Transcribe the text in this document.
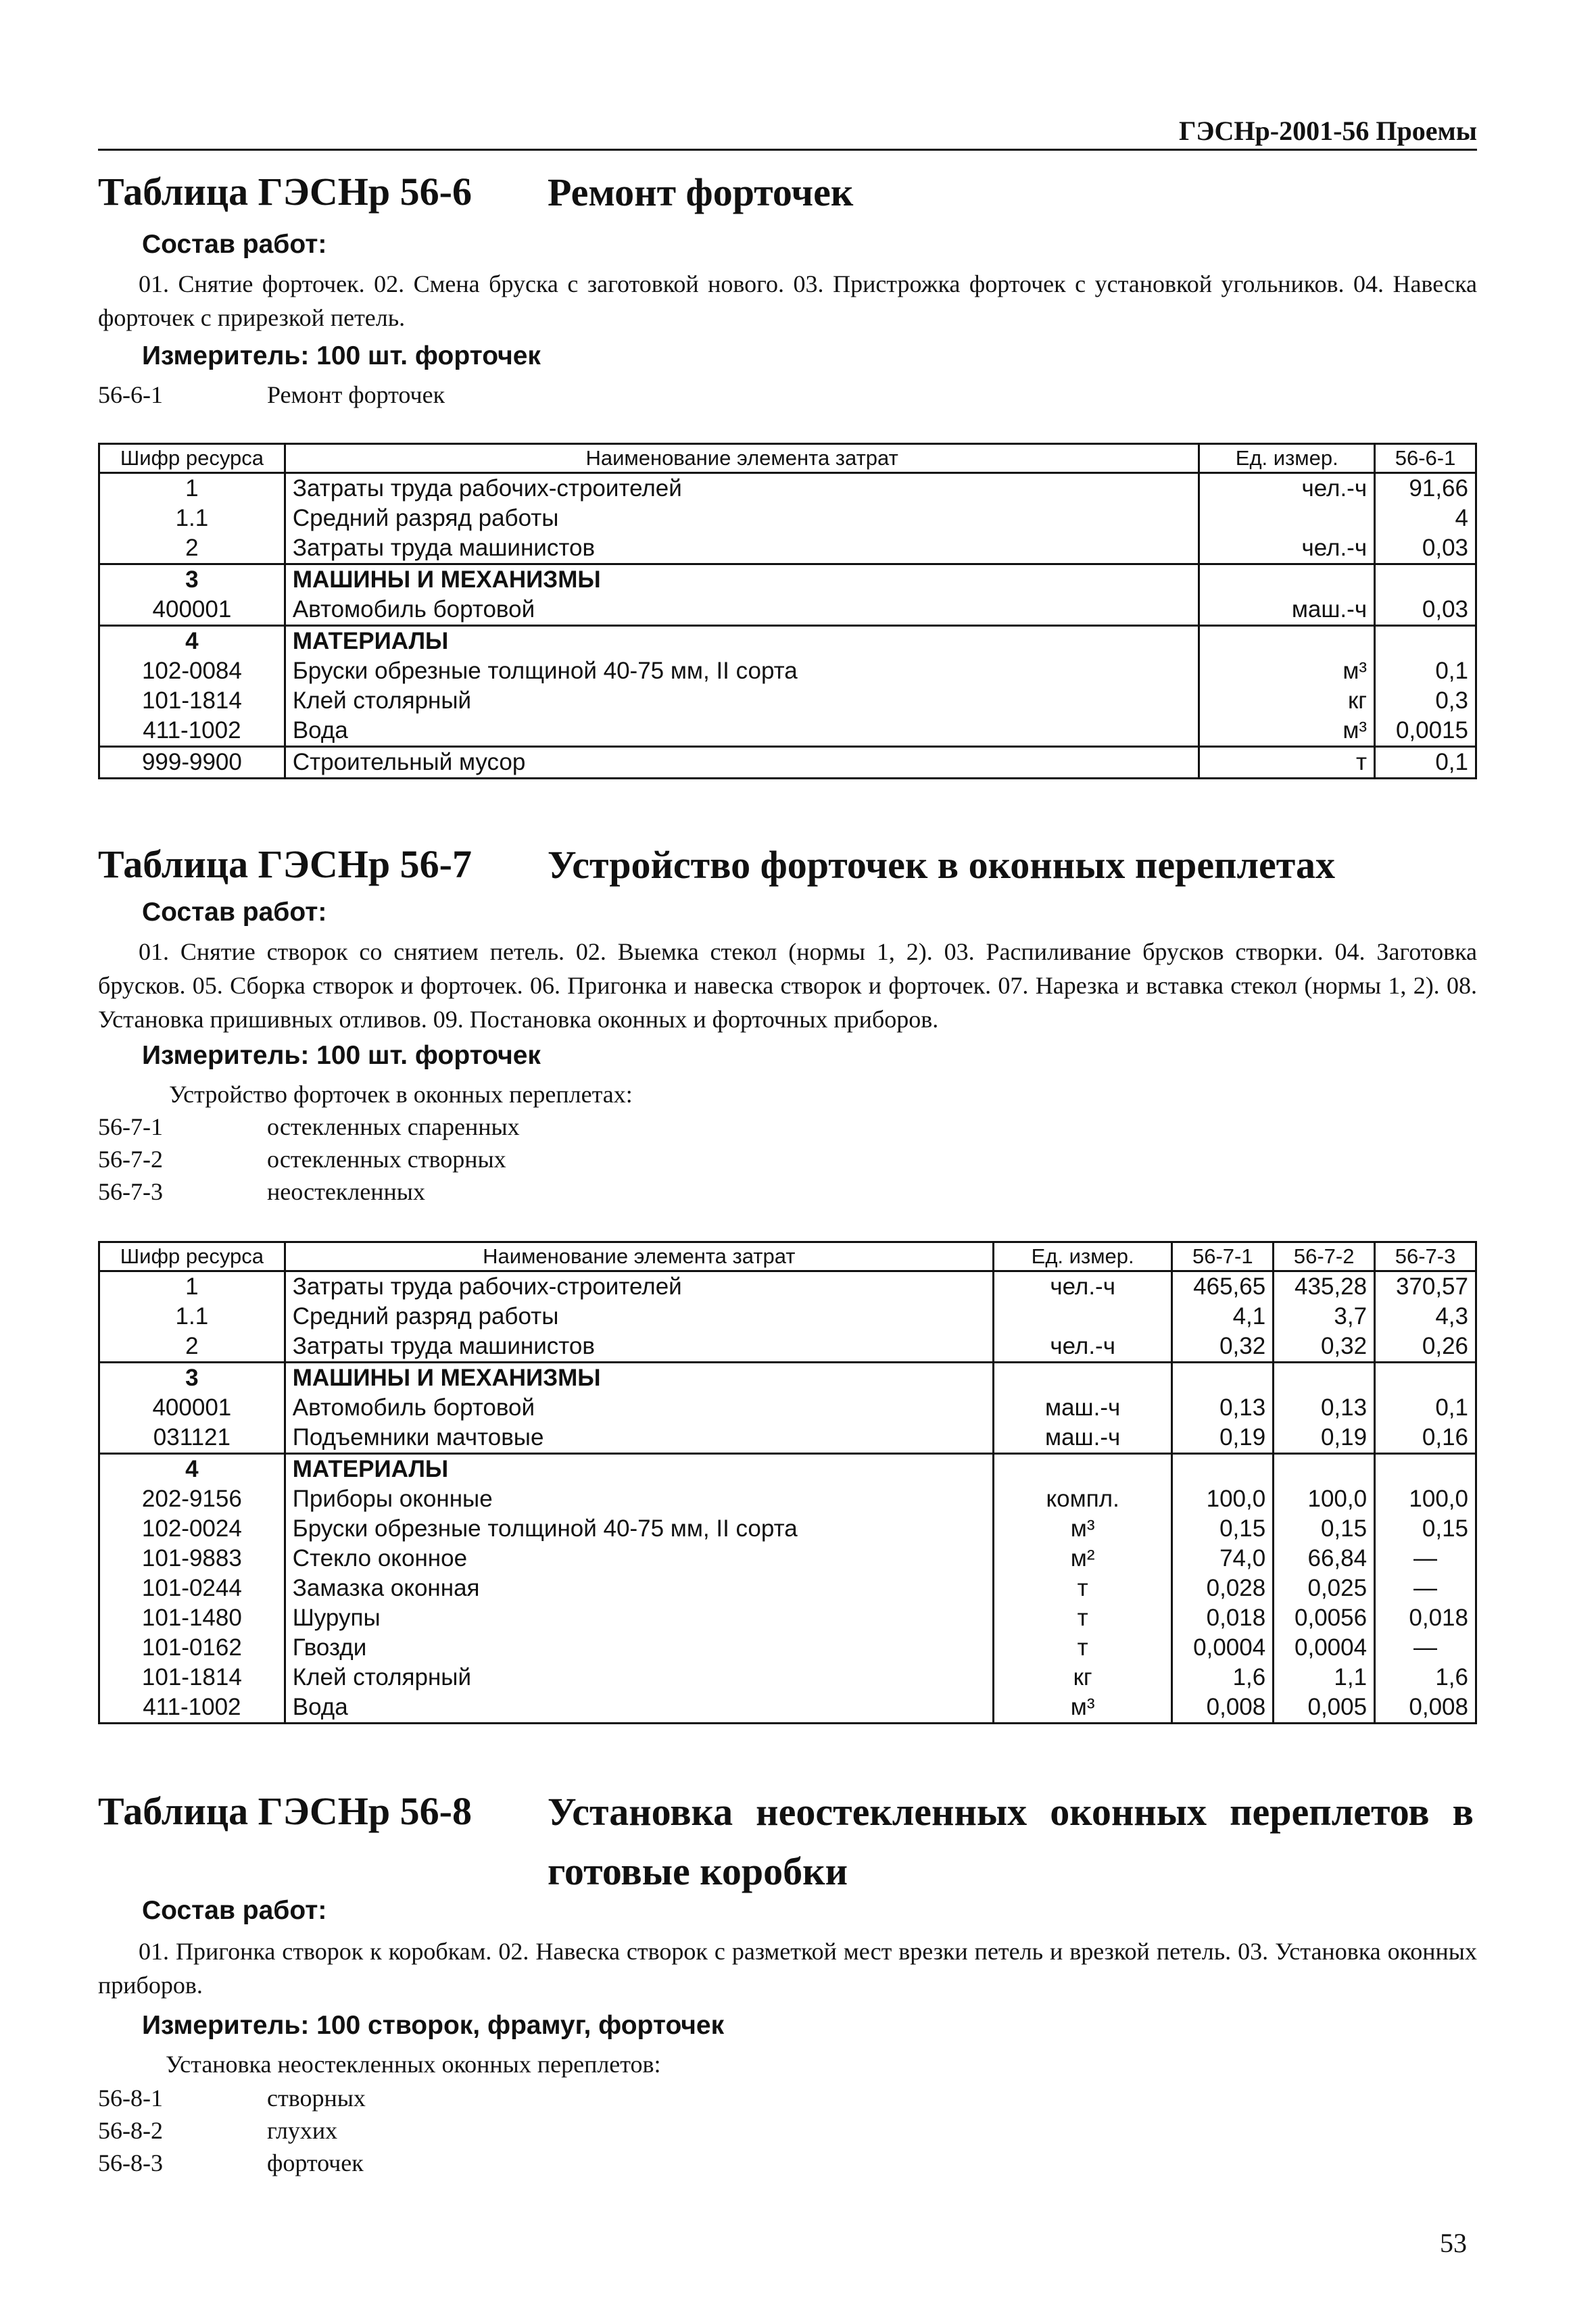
ГЭСНр-2001-56 Проемы
Таблица ГЭСНр 56-6 Ремонт форточек
Состав работ:
01. Снятие форточек. 02. Смена бруска с заготовкой нового. 03. Пристрожка форточек с установкой угольников. 04. Навеска форточек с прирезкой петель.
Измеритель: 100 шт. форточек
56-6-1	Ремонт форточек
Шифр ресурса	Наименование элемента затрат	Ед. измер.	56-6-1
1	Затраты труда рабочих-строителей	чел.-ч	91,66
1.1	Средний разряд работы		4
2	Затраты труда машинистов	чел.-ч	0,03
3	МАШИНЫ И МЕХАНИЗМЫ		
400001	Автомобиль бортовой	маш.-ч	0,03
4	МАТЕРИАЛЫ		
102-0084	Бруски обрезные толщиной 40-75 мм, II сорта	м³	0,1
101-1814	Клей столярный	кг	0,3
411-1002	Вода	м³	0,0015
999-9900	Строительный мусор	т	0,1
Таблица ГЭСНр 56-7 Устройство форточек в оконных переплетах
Состав работ:
01. Снятие створок со снятием петель. 02. Выемка стекол (нормы 1, 2). 03. Распиливание брусков створки. 04. Заготовка брусков. 05. Сборка створок и форточек. 06. Пригонка и навеска створок и форточек. 07. Нарезка и вставка стекол (нормы 1, 2). 08. Установка пришивных отливов. 09. Постановка оконных и форточных приборов.
Измеритель: 100 шт. форточек
Устройство форточек в оконных переплетах:
56-7-1	остекленных спаренных
56-7-2	остекленных створных
56-7-3	неостекленных
Шифр ресурса	Наименование элемента затрат	Ед. измер.	56-7-1	56-7-2	56-7-3
1	Затраты труда рабочих-строителей	чел.-ч	465,65	435,28	370,57
1.1	Средний разряд работы		4,1	3,7	4,3
2	Затраты труда машинистов	чел.-ч	0,32	0,32	0,26
3	МАШИНЫ И МЕХАНИЗМЫ				
400001	Автомобиль бортовой	маш.-ч	0,13	0,13	0,1
031121	Подъемники мачтовые	маш.-ч	0,19	0,19	0,16
4	МАТЕРИАЛЫ				
202-9156	Приборы оконные	компл.	100,0	100,0	100,0
102-0024	Бруски обрезные толщиной 40-75 мм, II сорта	м³	0,15	0,15	0,15
101-9883	Стекло оконное	м²	74,0	66,84	—
101-0244	Замазка оконная	т	0,028	0,025	—
101-1480	Шурупы	т	0,018	0,0056	0,018
101-0162	Гвозди	т	0,0004	0,0004	—
101-1814	Клей столярный	кг	1,6	1,1	1,6
411-1002	Вода	м³	0,008	0,005	0,008
Таблица ГЭСНр 56-8 Установка неостекленных оконных переплетов в готовые коробки
Состав работ:
01. Пригонка створок к коробкам. 02. Навеска створок с разметкой мест врезки петель и врезкой петель. 03. Установка оконных приборов.
Измеритель: 100 створок, фрамуг, форточек
Установка неостекленных оконных переплетов:
56-8-1	створных
56-8-2	глухих
56-8-3	форточек
53
